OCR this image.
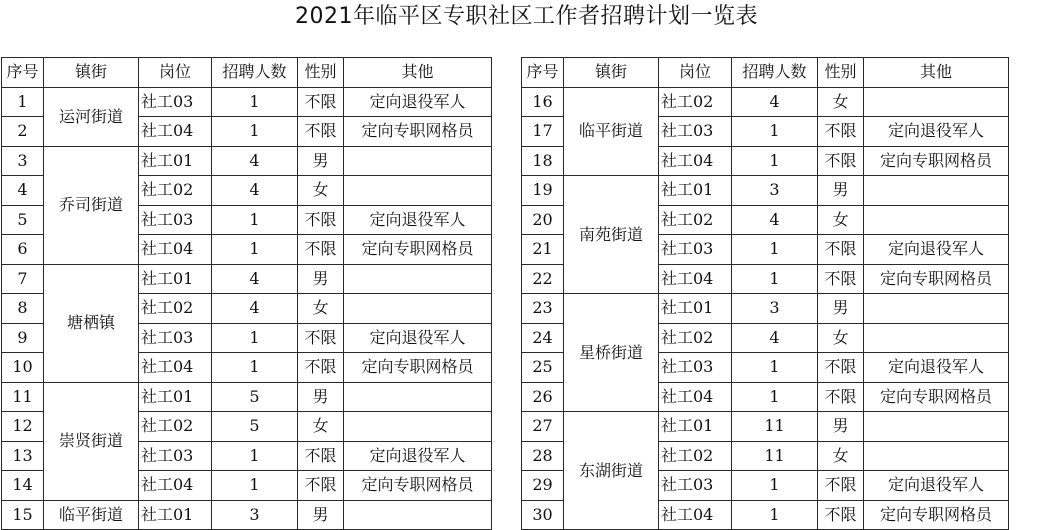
2021年临平区专职社区工作者招聘计划一览表
序号	镇街	岗位	招聘人数	性别	其他
1	运河街道	社工03	1	不限	定向退役军人
2		社工04	1	不限	定向专职网格员
3	乔司街道	社工01	4	男	
4		社工02	4	女	
5		社工03	1	不限	定向退役军人
6		社工04	1	不限	定向专职网格员
7	塘栖镇	社工01	4	男	
8		社工02	4	女	
9		社工03	1	不限	定向退役军人
10		社工04	1	不限	定向专职网格员
11	崇贤街道	社工01	5	男	
12		社工02	5	女	
13		社工03	1	不限	定向退役军人
14		社工04	1	不限	定向专职网格员
15	临平街道	社工01	3	男	
序号	镇街	岗位	招聘人数	性别	其他
16	临平街道	社工02	4	女	
17		社工03	1	不限	定向退役军人
18		社工04	1	不限	定向专职网格员
19	南苑街道	社工01	3	男	
20		社工02	4	女	
21		社工03	1	不限	定向退役军人
22		社工04	1	不限	定向专职网格员
23	星桥街道	社工01	3	男	
24		社工02	4	女	
25		社工03	1	不限	定向退役军人
26		社工04	1	不限	定向专职网格员
27	东湖街道	社工01	11	男	
28		社工02	11	女	
29		社工03	1	不限	定向退役军人
30		社工04	1	不限	定向专职网格员
